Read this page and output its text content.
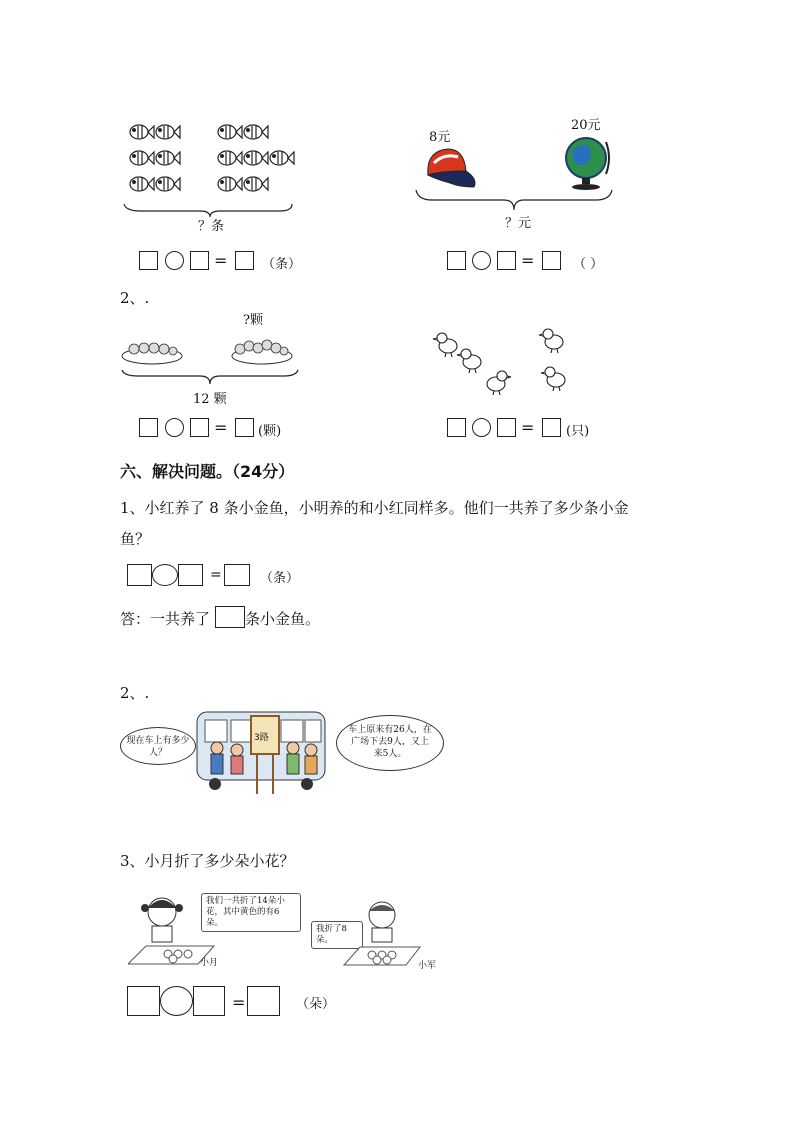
？条
=	（条）
8元
20元
？元
=	（ ）
2、.
?颗
12 颗
= (颗)	= (只)
六、解决问题。（24分）
1、小红养了 8 条小金鱼，小明养的和小红同样多。他们一共养了多少条小金
鱼？
=	（条）
答：一共养了 条小金鱼。
2、.
3路
现在车上有多少人？
车上原来有26人，在广场下去9人，又上来5人。
3、小月折了多少朵小花？
我们一共折了14朵小花，其中黄色的有6朵。
小月
我折了8朵。
小军
=	（朵）
